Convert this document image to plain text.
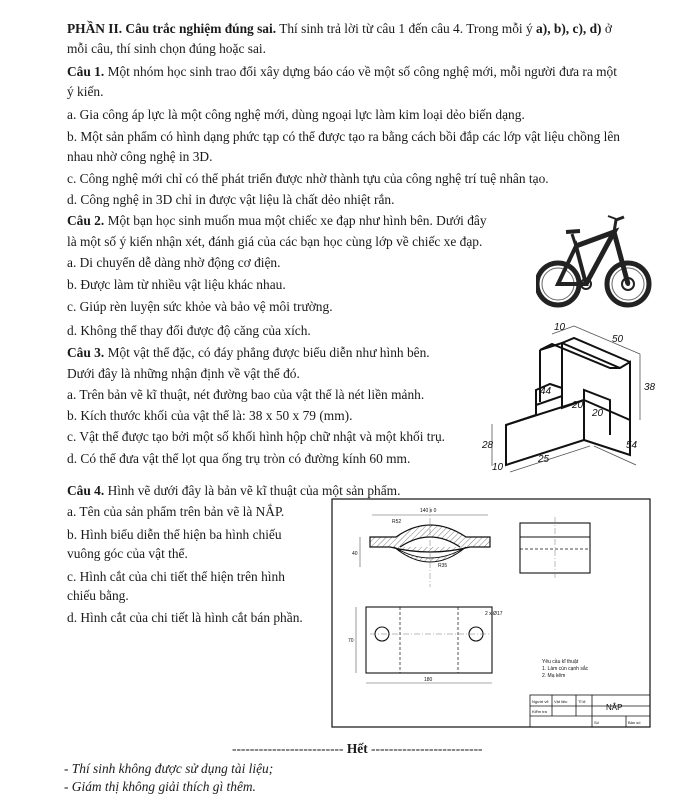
PHẦN II. Câu trắc nghiệm đúng sai. Thí sinh trả lời từ câu 1 đến câu 4. Trong mỗi ý a), b), c), d) ở
mỗi câu, thí sinh chọn đúng hoặc sai.
Câu 1. Một nhóm học sinh trao đổi xây dựng báo cáo về một số công nghệ mới, mỗi người đưa ra một
ý kiến.
a. Gia công áp lực là một công nghệ mới, dùng ngoại lực làm kim loại dẻo biến dạng.
b. Một sản phẩm có hình dạng phức tạp có thể được tạo ra bằng cách bồi đắp các lớp vật liệu chồng lên
nhau nhờ công nghệ in 3D.
c. Công nghệ mới chỉ có thể phát triển được nhờ thành tựu của công nghệ trí tuệ nhân tạo.
d. Công nghệ in 3D chỉ in được vật liệu là chất dẻo nhiệt rắn.
Câu 2. Một bạn học sinh muốn mua một chiếc xe đạp như hình bên. Dưới đây
là một số ý kiến nhận xét, đánh giá của các bạn học cùng lớp về chiếc xe đạp.
a. Di chuyển dễ dàng nhờ động cơ điện.
b. Được làm từ nhiều vật liệu khác nhau.
c. Giúp rèn luyện sức khỏe và bảo vệ môi trường.
d. Không thể thay đổi được độ căng của xích.
Câu 3. Một vật thể đặc, có đáy phẳng được biểu diễn như hình bên.
Dưới đây là những nhận định về vật thể đó.
a. Trên bản vẽ kĩ thuật, nét đường bao của vật thể là nét liền mảnh.
b. Kích thước khối của vật thể là: 38 x 50 x 79 (mm).
c. Vật thể được tạo bởi một số khối hình hộp chữ nhật và một khối trụ.
d. Có thể đưa vật thể lọt qua ống trụ tròn có đường kính 60 mm.
10
50
38
44
20
20
28
10
25
54
Câu 4. Hình vẽ dưới đây là bản vẽ kĩ thuật của một sản phẩm.
a. Tên của sản phẩm trên bản vẽ là NẮP.
b. Hình biểu diễn thể hiện ba hình chiếu
vuông góc của vật thể.
c. Hình cắt của chi tiết thể hiện trên hình
chiếu bằng.
d. Hình cắt của chi tiết là hình cắt bán phần.
140 x 0
R52
R35
40
2 x Ø17
180
70
Yêu cầu kĩ thuật
1. Làm cùn cạnh sắc
2. Mạ kẽm
Người vẽ
Kiểm tra
Vật liệu	Tỉ lệ
Số	Bản số
NẮP
------------------------- Hết -------------------------
- Thí sinh không được sử dụng tài liệu;
- Giám thị không giải thích gì thêm.
